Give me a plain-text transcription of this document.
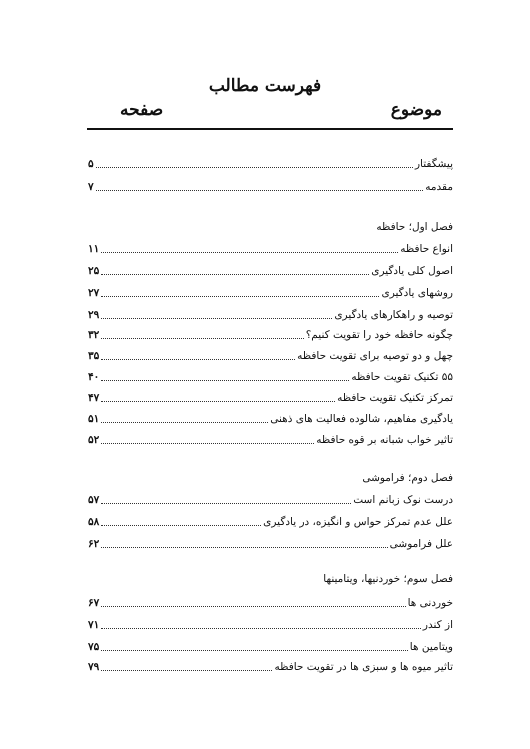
فهرست مطالب
موضوع
صفحه
پیشگفتار
۵
مقدمه
۷
فصل اول؛ حافظه
انواع حافظه
۱۱
اصول کلی یادگیری
۲۵
روشهای یادگیری
۲۷
توصیه و راهکارهای یادگیری
۲۹
چگونه حافظه خود را تقویت کنیم؟
۳۲
چهل و دو توصیه برای تقویت حافظه
۳۵
۵۵ تکنیک تقویت حافظه
۴۰
تمرکز تکنیک تقویت حافظه
۴۷
یادگیری مفاهیم، شالوده فعالیت های ذهنی
۵۱
تاثیر خواب شبانه بر قوه حافظه
۵۲
فصل دوم؛ فراموشی
درست نوک زبانم است
۵۷
علل عدم تمرکز حواس و انگیزه، در یادگیری
۵۸
علل فراموشی
۶۲
فصل سوم؛ خوردنیها، ویتامینها
خوردنی ها
۶۷
از کندر
۷۱
ویتامین ها
۷۵
تاثیر میوه ها و سبزی ها در تقویت حافظه
۷۹
